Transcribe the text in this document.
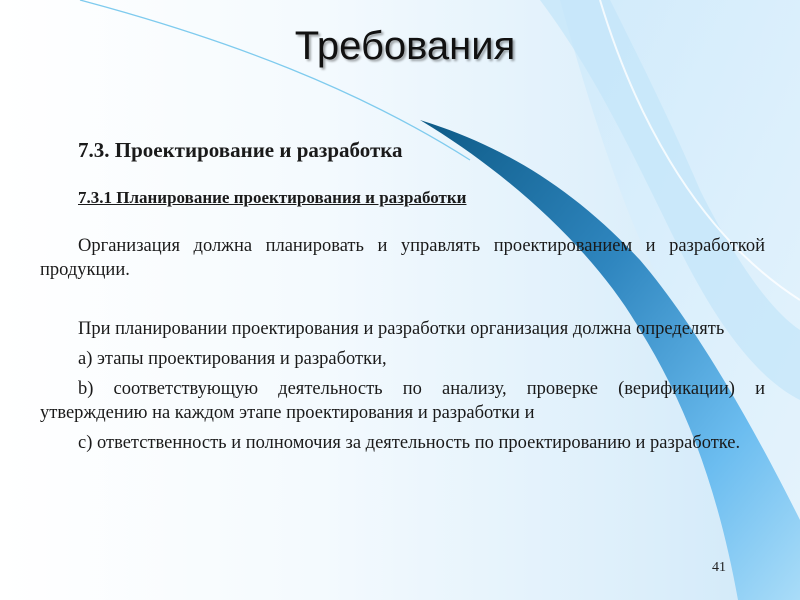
Требования

7.3. Проектирование и разработка

7.3.1 Планирование проектирования и разработки

Организация должна планировать и управлять проектированием и разработкой продукции.

При планировании проектирования и разработки организация должна определять

a) этапы проектирования и разработки,

b) соответствующую деятельность по анализу, проверке (верификации) и утверждению на каждом этапе проектирования и разработки и

c) ответственность и полномочия за деятельность по проектированию и разработке.

41
